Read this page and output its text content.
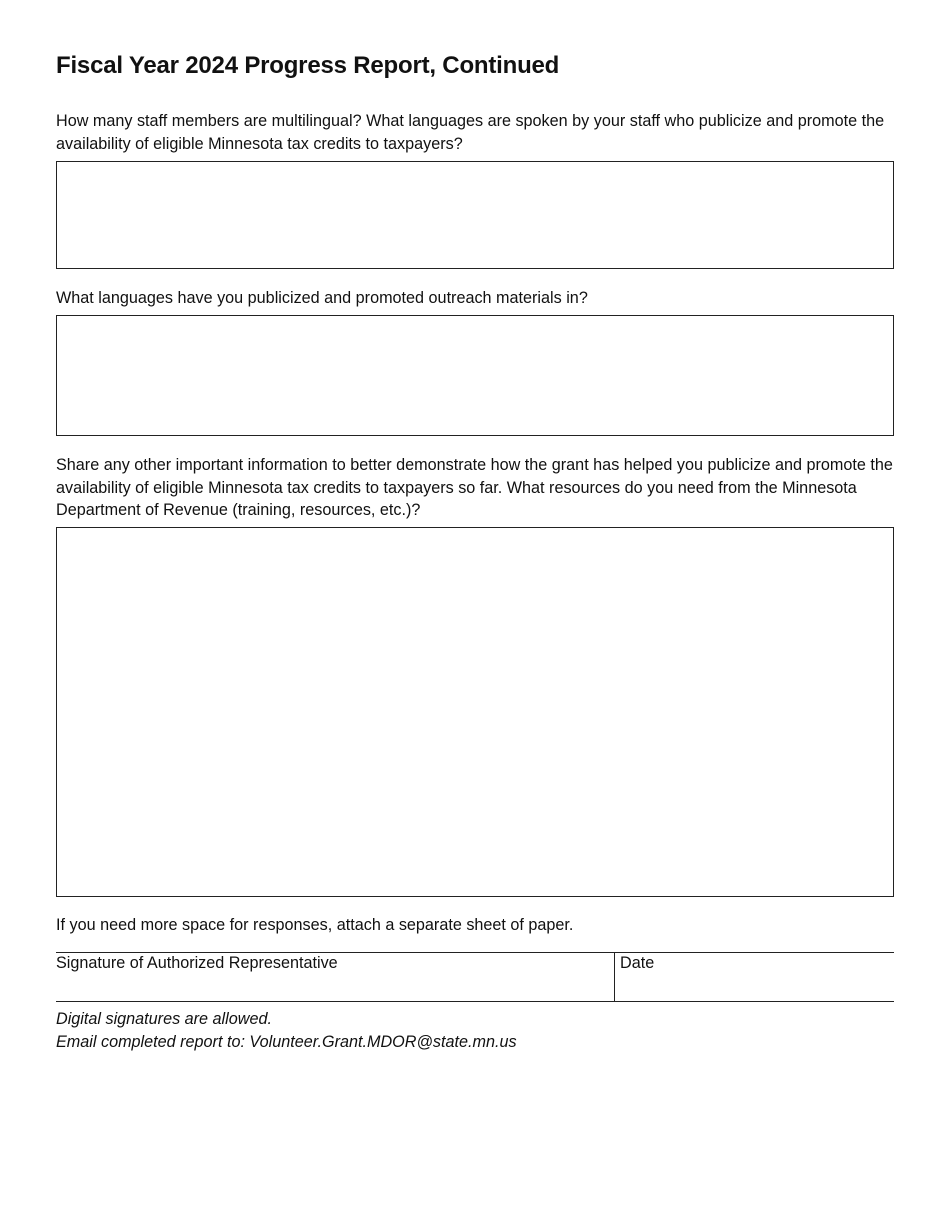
Fiscal Year 2024 Progress Report, Continued

How many staff members are multilingual? What languages are spoken by your staff who publicize and promote the availability of eligible Minnesota tax credits to taxpayers?

What languages have you publicized and promoted outreach materials in?

Share any other important information to better demonstrate how the grant has helped you publicize and promote the availability of eligible Minnesota tax credits to taxpayers so far. What resources do you need from the Minnesota Department of Revenue (training, resources, etc.)?

If you need more space for responses, attach a separate sheet of paper.

Signature of Authorized Representative	Date

Digital signatures are allowed.

Email completed report to: Volunteer.Grant.MDOR@state.mn.us
